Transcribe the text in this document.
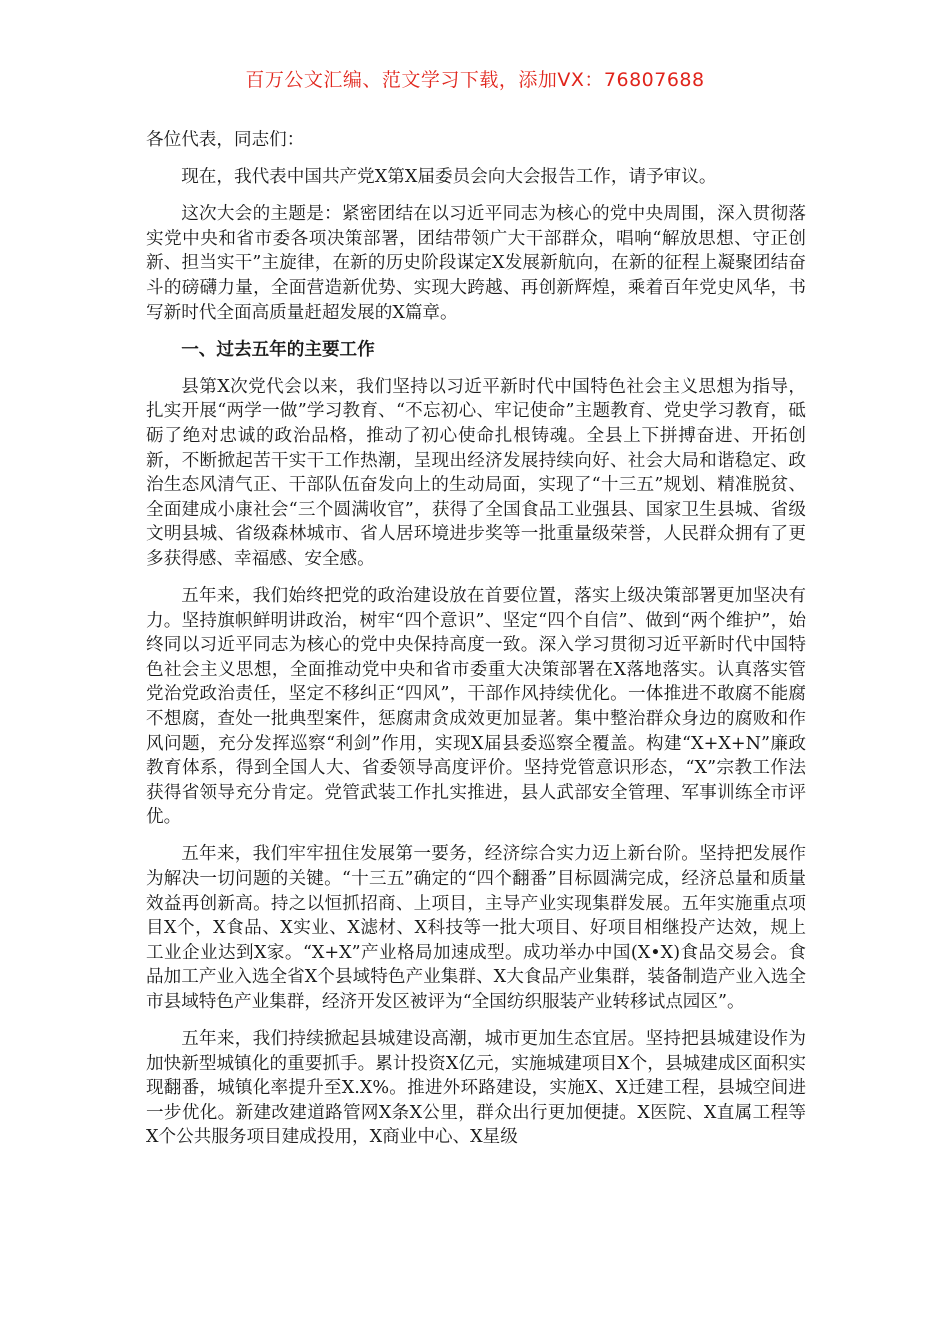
百万公文汇编、范文学习下载，添加VX：76807688

各位代表，同志们：

现在，我代表中国共产党X第X届委员会向大会报告工作，请予审议。

这次大会的主题是：紧密团结在以习近平同志为核心的党中央周围，深入贯彻落实党中央和省市委各项决策部署，团结带领广大干部群众，唱响“解放思想、守正创新、担当实干”主旋律，在新的历史阶段谋定X发展新航向，在新的征程上凝聚团结奋斗的磅礴力量，全面营造新优势、实现大跨越、再创新辉煌，乘着百年党史风华，书写新时代全面高质量赶超发展的X篇章。

一、过去五年的主要工作

县第X次党代会以来，我们坚持以习近平新时代中国特色社会主义思想为指导，扎实开展“两学一做”学习教育、“不忘初心、牢记使命”主题教育、党史学习教育，砥砺了绝对忠诚的政治品格，推动了初心使命扎根铸魂。全县上下拼搏奋进、开拓创新，不断掀起苦干实干工作热潮，呈现出经济发展持续向好、社会大局和谐稳定、政治生态风清气正、干部队伍奋发向上的生动局面，实现了“十三五”规划、精准脱贫、全面建成小康社会“三个圆满收官”，获得了全国食品工业强县、国家卫生县城、省级文明县城、省级森林城市、省人居环境进步奖等一批重量级荣誉，人民群众拥有了更多获得感、幸福感、安全感。

五年来，我们始终把党的政治建设放在首要位置，落实上级决策部署更加坚决有力。坚持旗帜鲜明讲政治，树牢“四个意识”、坚定“四个自信”、做到“两个维护”，始终同以习近平同志为核心的党中央保持高度一致。深入学习贯彻习近平新时代中国特色社会主义思想，全面推动党中央和省市委重大决策部署在X落地落实。认真落实管党治党政治责任，坚定不移纠正“四风”，干部作风持续优化。一体推进不敢腐不能腐不想腐，查处一批典型案件，惩腐肃贪成效更加显著。集中整治群众身边的腐败和作风问题，充分发挥巡察“利剑”作用，实现X届县委巡察全覆盖。构建“X+X+N”廉政教育体系，得到全国人大、省委领导高度评价。坚持党管意识形态，“X”宗教工作法获得省领导充分肯定。党管武装工作扎实推进，县人武部安全管理、军事训练全市评优。

五年来，我们牢牢扭住发展第一要务，经济综合实力迈上新台阶。坚持把发展作为解决一切问题的关键。“十三五”确定的“四个翻番”目标圆满完成，经济总量和质量效益再创新高。持之以恒抓招商、上项目，主导产业实现集群发展。五年实施重点项目X个，X食品、X实业、X滤材、X科技等一批大项目、好项目相继投产达效，规上工业企业达到X家。“X+X”产业格局加速成型。成功举办中国(X•X)食品交易会。食品加工产业入选全省X个县域特色产业集群、X大食品产业集群，装备制造产业入选全市县域特色产业集群，经济开发区被评为“全国纺织服装产业转移试点园区”。

五年来，我们持续掀起县城建设高潮，城市更加生态宜居。坚持把县城建设作为加快新型城镇化的重要抓手。累计投资X亿元，实施城建项目X个，县城建成区面积实现翻番，城镇化率提升至X.X%。推进外环路建设，实施X、X迁建工程，县城空间进一步优化。新建改建道路管网X条X公里，群众出行更加便捷。X医院、X直属工程等X个公共服务项目建成投用，X商业中心、X星级
